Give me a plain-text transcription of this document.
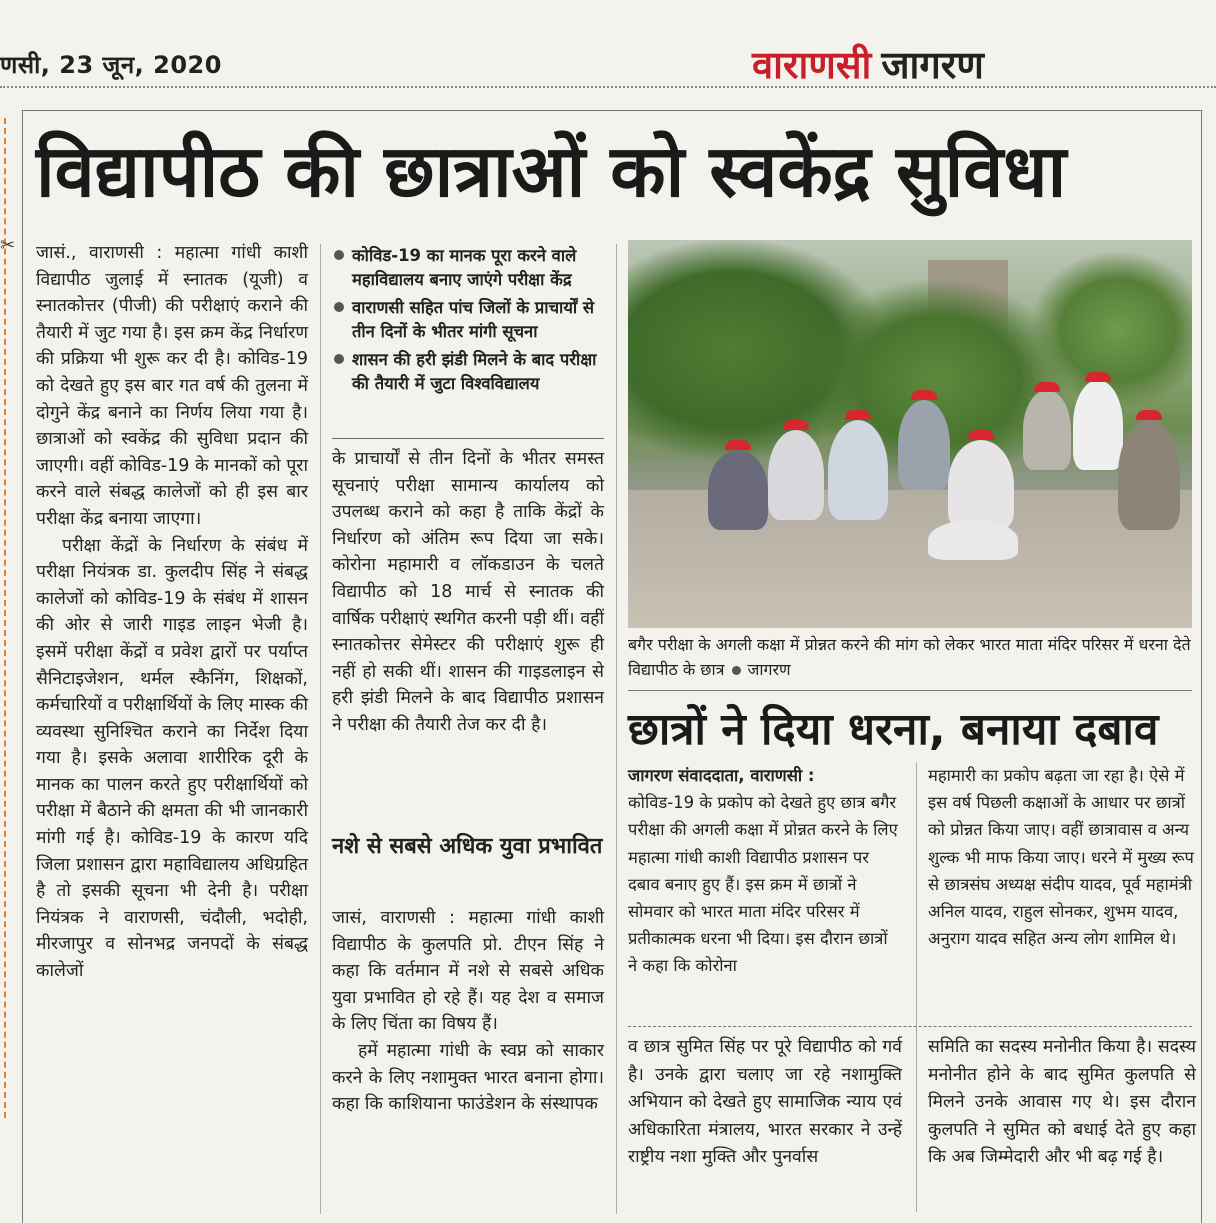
णसी, 23 जून, 2020	वाराणसी जागरण
✂
विद्यापीठ की छात्राओं को स्वकेंद्र सुविधा

जासं., वाराणसी : महात्मा गांधी काशी विद्यापीठ जुलाई में स्नातक (यूजी) व स्नातकोत्तर (पीजी) की परीक्षाएं कराने की तैयारी में जुट गया है। इस क्रम केंद्र निर्धारण की प्रक्रिया भी शुरू कर दी है। कोविड-19 को देखते हुए इस बार गत वर्ष की तुलना में दोगुने केंद्र बनाने का निर्णय लिया गया है। छात्राओं को स्वकेंद्र की सुविधा प्रदान की जाएगी। वहीं कोविड-19 के मानकों को पूरा करने वाले संबद्ध कालेजों को ही इस बार परीक्षा केंद्र बनाया जाएगा।

परीक्षा केंद्रों के निर्धारण के संबंध में परीक्षा नियंत्रक डा. कुलदीप सिंह ने संबद्ध कालेजों को कोविड-19 के संबंध में शासन की ओर से जारी गाइड लाइन भेजी है। इसमें परीक्षा केंद्रों व प्रवेश द्वारों पर पर्याप्त सैनिटाइजेशन, थर्मल स्कैनिंग, शिक्षकों, कर्मचारियों व परीक्षार्थियों के लिए मास्क की व्यवस्था सुनिश्चित कराने का निर्देश दिया गया है। इसके अलावा शारीरिक दूरी के मानक का पालन करते हुए परीक्षार्थियों को परीक्षा में बैठाने की क्षमता की भी जानकारी मांगी गई है। कोविड-19 के कारण यदि जिला प्रशासन द्वारा महाविद्यालय अधिग्रहित है तो इसकी सूचना भी देनी है। परीक्षा नियंत्रक ने वाराणसी, चंदौली, भदोही, मीरजापुर व सोनभद्र जनपदों के संबद्ध कालेजों

कोविड-19 का मानक पूरा करने वाले महाविद्यालय बनाए जाएंगे परीक्षा केंद्र
वाराणसी सहित पांच जिलों के प्राचार्यों से तीन दिनों के भीतर मांगी सूचना
शासन की हरी झंडी मिलने के बाद परीक्षा की तैयारी में जुटा विश्वविद्यालय

के प्राचार्यों से तीन दिनों के भीतर समस्त सूचनाएं परीक्षा सामान्य कार्यालय को उपलब्ध कराने को कहा है ताकि केंद्रों के निर्धारण को अंतिम रूप दिया जा सके। कोरोना महामारी व लॉकडाउन के चलते विद्यापीठ को 18 मार्च से स्नातक की वार्षिक परीक्षाएं स्थगित करनी पड़ी थीं। वहीं स्नातकोत्तर सेमेस्टर की परीक्षाएं शुरू ही नहीं हो सकी थीं। शासन की गाइडलाइन से हरी झंडी मिलने के बाद विद्यापीठ प्रशासन ने परीक्षा की तैयारी तेज कर दी है।

नशे से सबसे अधिक युवा प्रभावित

जासं, वाराणसी : महात्मा गांधी काशी विद्यापीठ के कुलपति प्रो. टीएन सिंह ने कहा कि वर्तमान में नशे से सबसे अधिक युवा प्रभावित हो रहे हैं। यह देश व समाज के लिए चिंता का विषय हैं।

हमें महात्मा गांधी के स्वप्न को साकार करने के लिए नशामुक्त भारत बनाना होगा। कहा कि काशियाना फाउंडेशन के संस्थापक

बगैर परीक्षा के अगली कक्षा में प्रोन्नत करने की मांग को लेकर भारत माता मंदिर परिसर में धरना देते विद्यापीठ के छात्र जागरण
छात्रों ने दिया धरना, बनाया दबाव
जागरण संवाददाता, वाराणसी :
कोविड-19 के प्रकोप को देखते हुए छात्र बगैर परीक्षा की अगली कक्षा में प्रोन्नत करने के लिए महात्मा गांधी काशी विद्यापीठ प्रशासन पर दबाव बनाए हुए हैं। इस क्रम में छात्रों ने सोमवार को भारत माता मंदिर परिसर में प्रतीकात्मक धरना भी दिया। इस दौरान छात्रों ने कहा कि कोरोना
महामारी का प्रकोप बढ़ता जा रहा है। ऐसे में इस वर्ष पिछली कक्षाओं के आधार पर छात्रों को प्रोन्नत किया जाए। वहीं छात्रावास व अन्य शुल्क भी माफ किया जाए। धरने में मुख्य रूप से छात्रसंघ अध्यक्ष संदीप यादव, पूर्व महामंत्री अनिल यादव, राहुल सोनकर, शुभम यादव, अनुराग यादव सहित अन्य लोग शामिल थे।
व छात्र सुमित सिंह पर पूरे विद्यापीठ को गर्व है। उनके द्वारा चलाए जा रहे नशामुक्ति अभियान को देखते हुए सामाजिक न्याय एवं अधिकारिता मंत्रालय, भारत सरकार ने उन्हें राष्ट्रीय नशा मुक्ति और पुनर्वास
समिति का सदस्य मनोनीत किया है। सदस्य मनोनीत होने के बाद सुमित कुलपति से मिलने उनके आवास गए थे। इस दौरान कुलपति ने सुमित को बधाई देते हुए कहा कि अब जिम्मेदारी और भी बढ़ गई है।
